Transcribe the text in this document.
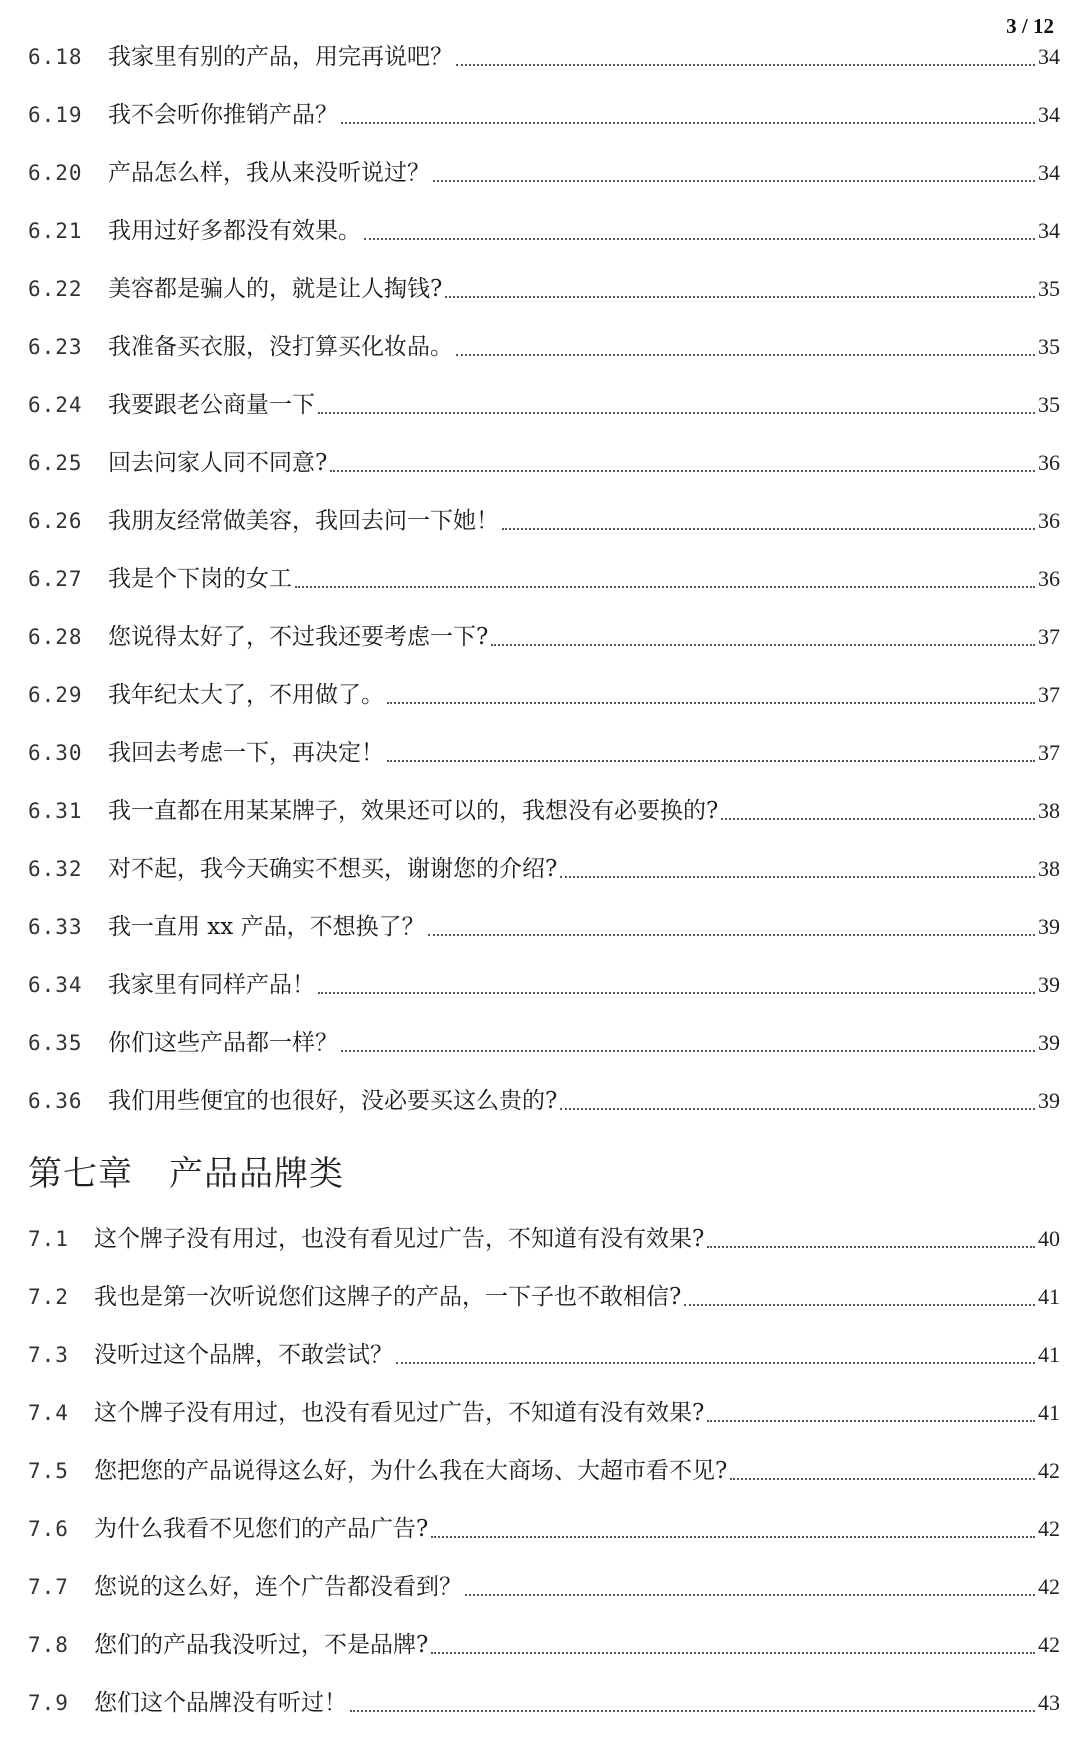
3 / 12
6.18	我家里有别的产品，用完再说吧？	34
6.19	我不会听你推销产品？	34
6.20	产品怎么样，我从来没听说过？	34
6.21	我用过好多都没有效果。	34
6.22	美容都是骗人的，就是让人掏钱?	35
6.23	我准备买衣服，没打算买化妆品。	35
6.24	我要跟老公商量一下	35
6.25	回去问家人同不同意?	36
6.26	我朋友经常做美容，我回去问一下她！	36
6.27	我是个下岗的女工	36
6.28	您说得太好了，不过我还要考虑一下?	37
6.29	我年纪太大了，不用做了。	37
6.30	我回去考虑一下，再决定！	37
6.31	我一直都在用某某牌子，效果还可以的，我想没有必要换的?	38
6.32	对不起，我今天确实不想买，谢谢您的介绍?	38
6.33	我一直用 xx 产品，不想换了？	39
6.34	我家里有同样产品！	39
6.35	你们这些产品都一样？	39
6.36	我们用些便宜的也很好，没必要买这么贵的?	39
第七章 产品品牌类
7.1	这个牌子没有用过，也没有看见过广告，不知道有没有效果?	40
7.2	我也是第一次听说您们这牌子的产品，一下子也不敢相信?	41
7.3	没听过这个品牌，不敢尝试？	41
7.4	这个牌子没有用过，也没有看见过广告，不知道有没有效果?	41
7.5	您把您的产品说得这么好，为什么我在大商场、大超市看不见?	42
7.6	为什么我看不见您们的产品广告?	42
7.7	您说的这么好，连个广告都没看到？	42
7.8	您们的产品我没听过，不是品牌?	42
7.9	您们这个品牌没有听过！	43
